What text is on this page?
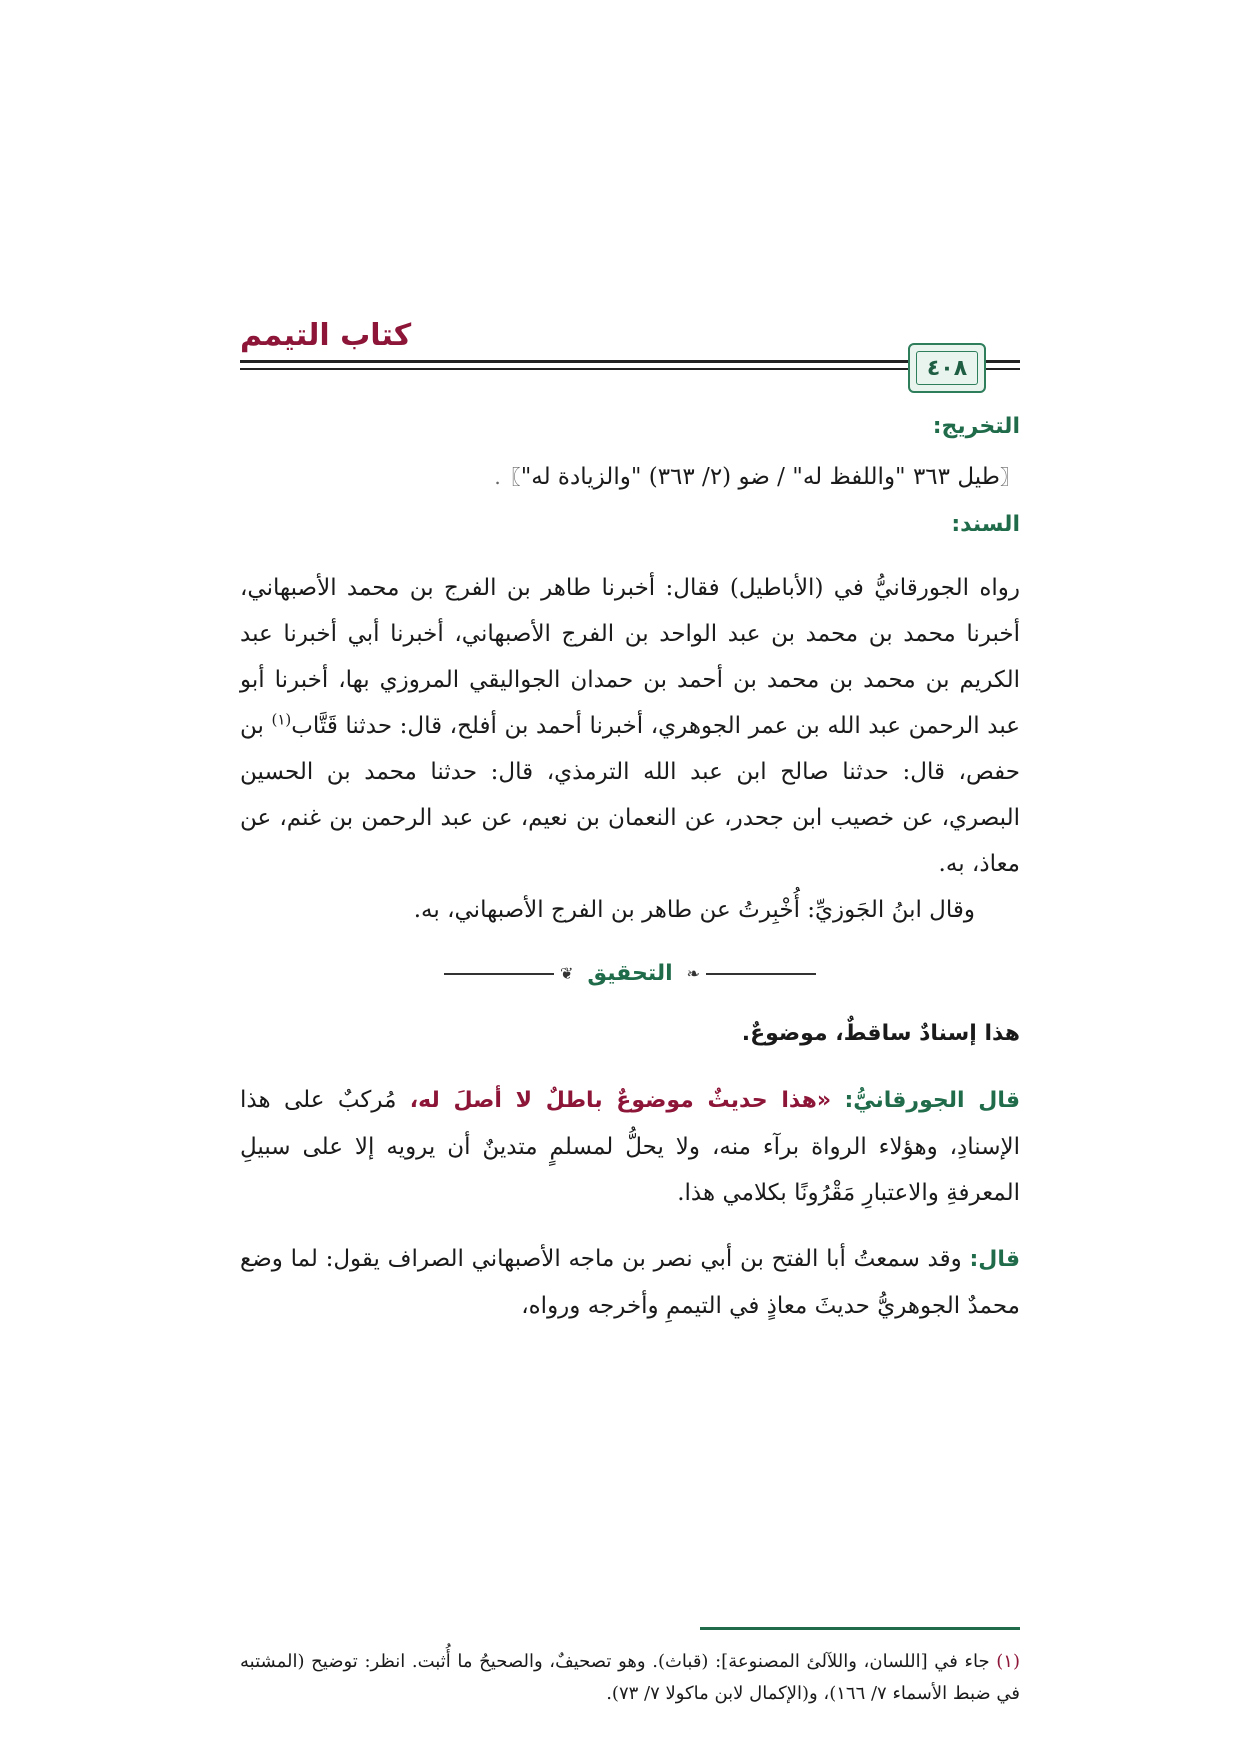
كتاب التيمم
٤٠٨
التخريج:
〖طيل ٣٦٣ "واللفظ له" / ضو (٢/ ٣٦٣) "والزيادة له"〗.
السند:

رواه الجورقانيُّ في (الأباطيل) فقال: أخبرنا طاهر بن الفرج بن محمد الأصبهاني، أخبرنا محمد بن محمد بن عبد الواحد بن الفرج الأصبهاني، أخبرنا أبي أخبرنا عبد الكريم بن محمد بن محمد بن أحمد بن حمدان الجواليقي المروزي بها، أخبرنا أبو عبد الرحمن عبد الله بن عمر الجوهري، أخبرنا أحمد بن أفلح، قال: حدثنا قَتَّاب$^{(١)}$ بن حفص، قال: حدثنا صالح ابن عبد الله الترمذي، قال: حدثنا محمد بن الحسين البصري، عن خصيب ابن جحدر، عن النعمان بن نعيم، عن عبد الرحمن بن غنم، عن معاذ، به.

وقال ابنُ الجَوزيِّ: أُخْبِرتُ عن طاهر بن الفرج الأصبهاني، به.

❧
التحقيق
❦

هذا إسنادٌ ساقطٌ، موضوعٌ.

قال الجورقانيُّ: «هذا حديثٌ موضوعٌ باطلٌ لا أصلَ له، مُركبٌ على هذا الإسنادِ، وهؤلاء الرواة برآء منه، ولا يحلُّ لمسلمٍ متدينٌ أن يرويه إلا على سبيلِ المعرفةِ والاعتبارِ مَقْرُونًا بكلامي هذا.

قال: وقد سمعتُ أبا الفتح بن أبي نصر بن ماجه الأصبهاني الصراف يقول: لما وضع محمدٌ الجوهريُّ حديثَ معاذٍ في التيممِ وأخرجه ورواه،

(١) جاء في [اللسان، واللآلئ المصنوعة]: (قباث). وهو تصحيفٌ، والصحيحُ ما أُثبت. انظر: توضيح (المشتبه في ضبط الأسماء ٧/ ١٦٦)، و(الإكمال لابن ماكولا ٧/ ٧٣).
